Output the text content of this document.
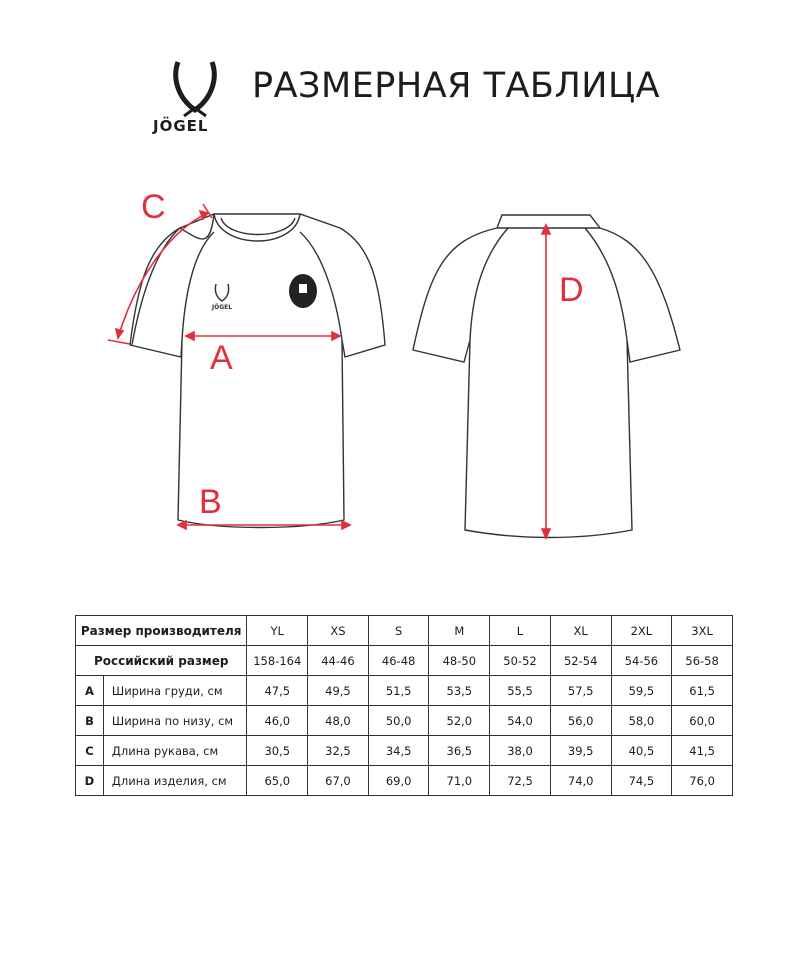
JÖGEL
РАЗМЕРНАЯ ТАБЛИЦА
JÖGEL
C
A
B
D
Размер производителя		YL	XS	S	M	L	XL	2XL	3XL
Российский размер		158-164	44-46	46-48	48-50	50-52	52-54	54-56	56-58
A	Ширина груди, см	47,5	49,5	51,5	53,5	55,5	57,5	59,5	61,5
B	Ширина по низу, см	46,0	48,0	50,0	52,0	54,0	56,0	58,0	60,0
C	Длина рукава, см	30,5	32,5	34,5	36,5	38,0	39,5	40,5	41,5
D	Длина изделия, см	65,0	67,0	69,0	71,0	72,5	74,0	74,5	76,0
